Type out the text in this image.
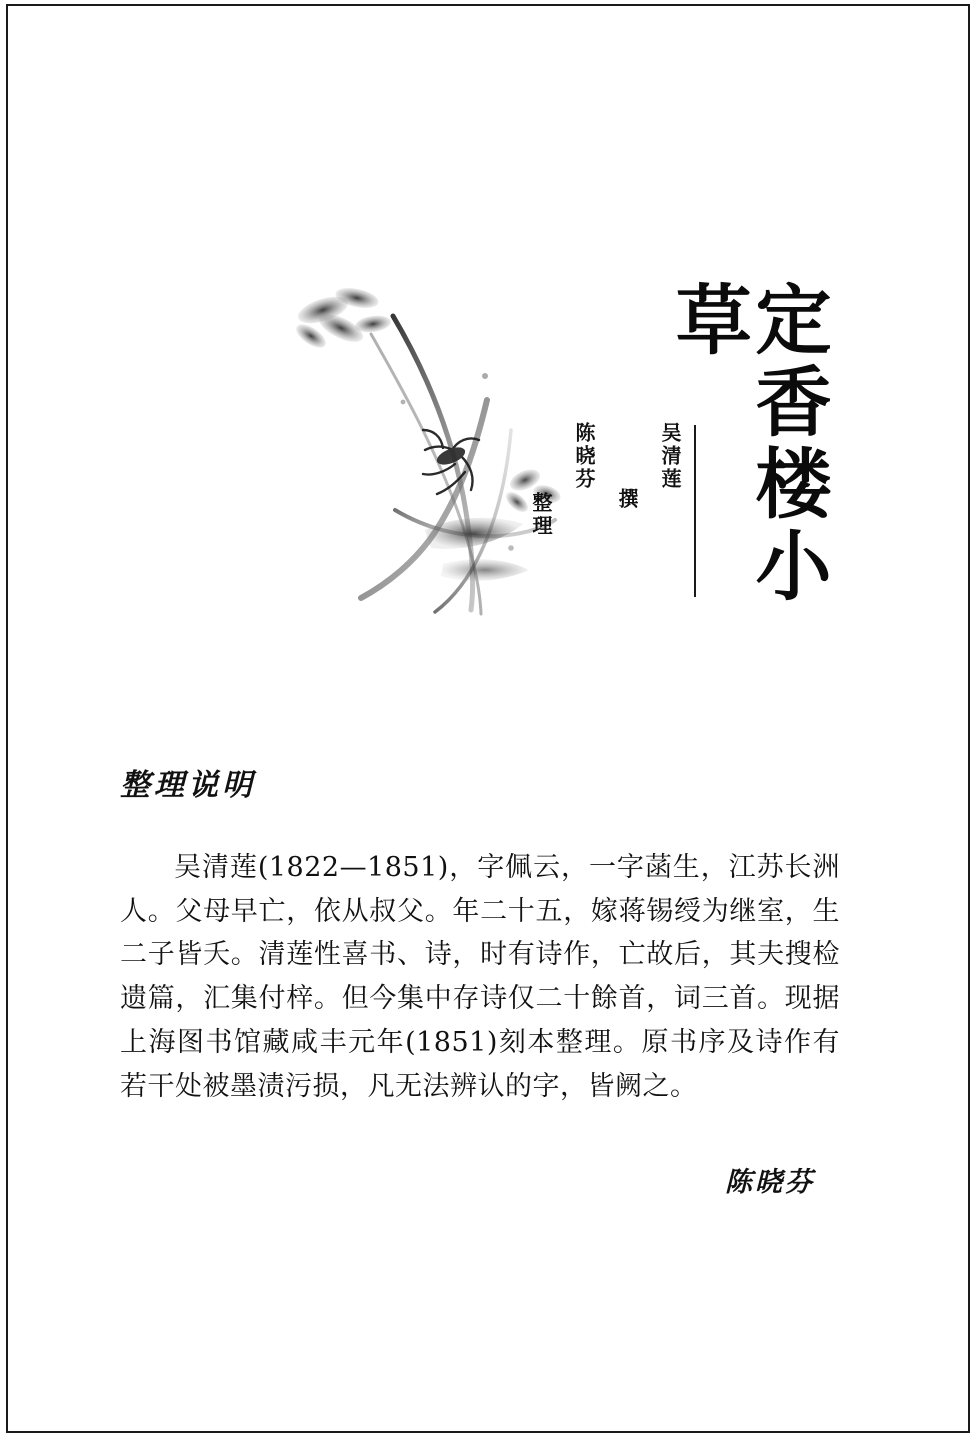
定香楼小草
整理
陈晓芬
撰
吴清莲
整理说明

吴清莲(1822—1851)，字佩云，一字菡生，江苏长洲人。父母早亡，依从叔父。年二十五，嫁蒋锡绶为继室，生二子皆夭。清莲性喜书、诗，时有诗作，亡故后，其夫搜检遗篇，汇集付梓。但今集中存诗仅二十餘首，词三首。现据上海图书馆藏咸丰元年(1851)刻本整理。原书序及诗作有若干处被墨渍污损，凡无法辨认的字，皆阙之。

陈晓芬
